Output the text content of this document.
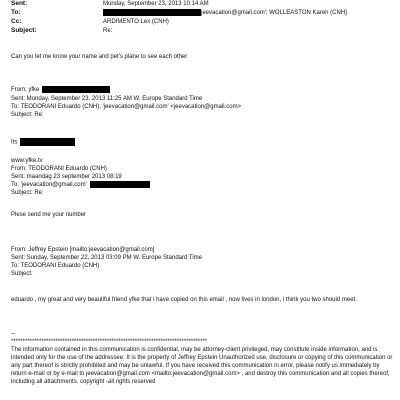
Sent:	Monday, September 23, 2013 10:14 AM
To:	jeevacation@gmail.com'; WOLLEASTON Karen (CNH)
Cc:	ARDIMENTO Lex (CNH)
Subject:	Re:
Can you let me know your name and pet's plane to see each other
From: yfke
Sent: Monday, September 23, 2013 11:25 AM W. Europe Standard Time
To: TEODORANI Eduardo (CNH); 'jeevacation@gmail.com' <jeevacation@gmail.com>
Subject: Re:
Its
www.yfke.tv
From: TEODORANI Eduardo (CNH)
Sent: maandag 23 september 2013 08:19
To: 'jeevacation@gmail.com'
Subject: Re:
Plese send me your number
From: Jeffrey Epstein [mailto:jeevacation@gmail.com]
Sent: Sunday, September 22, 2013 03:09 PM W. Europe Standard Time
To: TEODORANI Eduardo (CNH)
Subject:
eduardo , my great and very beautiful friend yfke that i have copied on this email , now lives in london, i think you two should meet.
--
************************************************************************************
The information contained in this communication is confidential, may be attorney-client privileged, may constitute inside information, and is intended only for the use of the addressee. It is the property of Jeffrey Epstein Unauthorized use, disclosure or copying of this communication or any part thereof is strictly prohibited and may be unlawful. If you have received this communication in error, please notify us immediately by return e-mail or by e-mail to jeevacation@gmail.com <mailto:jeevacation@gmail.com> , and destroy this communication and all copies thereof, including all attachments. copyright -all rights reserved
